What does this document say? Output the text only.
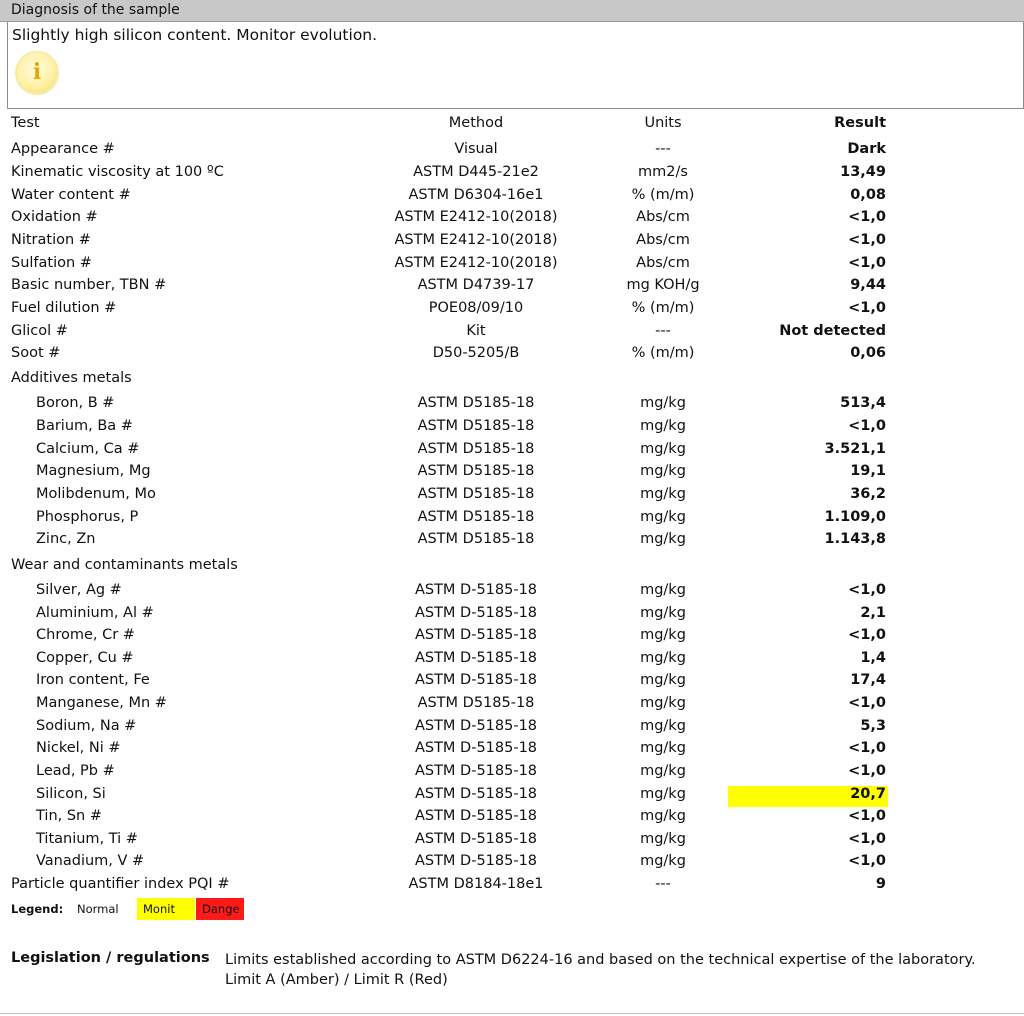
Diagnosis of the sample
Slightly high silicon content. Monitor evolution.
i
Test	Method	Units	Result
Appearance #	Visual	---	Dark
Kinematic viscosity at 100 ºC	ASTM D445-21e2	mm2/s	13,49
Water content #	ASTM D6304-16e1	% (m/m)	0,08
Oxidation #	ASTM E2412-10(2018)	Abs/cm	<1,0
Nitration #	ASTM E2412-10(2018)	Abs/cm	<1,0
Sulfation #	ASTM E2412-10(2018)	Abs/cm	<1,0
Basic number, TBN #	ASTM D4739-17	mg KOH/g	9,44
Fuel dilution #	POE08/09/10	% (m/m)	<1,0
Glicol #	Kit	---	Not detected
Soot #	D50-5205/B	% (m/m)	0,06
Additives metals
Boron, B #	ASTM D5185-18	mg/kg	513,4
Barium, Ba #	ASTM D5185-18	mg/kg	<1,0
Calcium, Ca #	ASTM D5185-18	mg/kg	3.521,1
Magnesium, Mg	ASTM D5185-18	mg/kg	19,1
Molibdenum, Mo	ASTM D5185-18	mg/kg	36,2
Phosphorus, P	ASTM D5185-18	mg/kg	1.109,0
Zinc, Zn	ASTM D5185-18	mg/kg	1.143,8
Wear and contaminants metals
Silver, Ag #	ASTM D-5185-18	mg/kg	<1,0
Aluminium, Al #	ASTM D-5185-18	mg/kg	2,1
Chrome, Cr #	ASTM D-5185-18	mg/kg	<1,0
Copper, Cu #	ASTM D-5185-18	mg/kg	1,4
Iron content, Fe	ASTM D-5185-18	mg/kg	17,4
Manganese, Mn #	ASTM D5185-18	mg/kg	<1,0
Sodium, Na #	ASTM D-5185-18	mg/kg	5,3
Nickel, Ni #	ASTM D-5185-18	mg/kg	<1,0
Lead, Pb #	ASTM D-5185-18	mg/kg	<1,0
Silicon, Si	ASTM D-5185-18	mg/kg	20,7
Tin, Sn #	ASTM D-5185-18	mg/kg	<1,0
Titanium, Ti #	ASTM D-5185-18	mg/kg	<1,0
Vanadium, V #	ASTM D-5185-18	mg/kg	<1,0
Particle quantifier index PQI #	ASTM D8184-18e1	---	9
Legend: Normal	Monit	Dange
Legislation / regulations Limits established according to ASTM D6224-16 and based on the technical expertise of the laboratory.
Limit A (Amber) / Limit R (Red)
